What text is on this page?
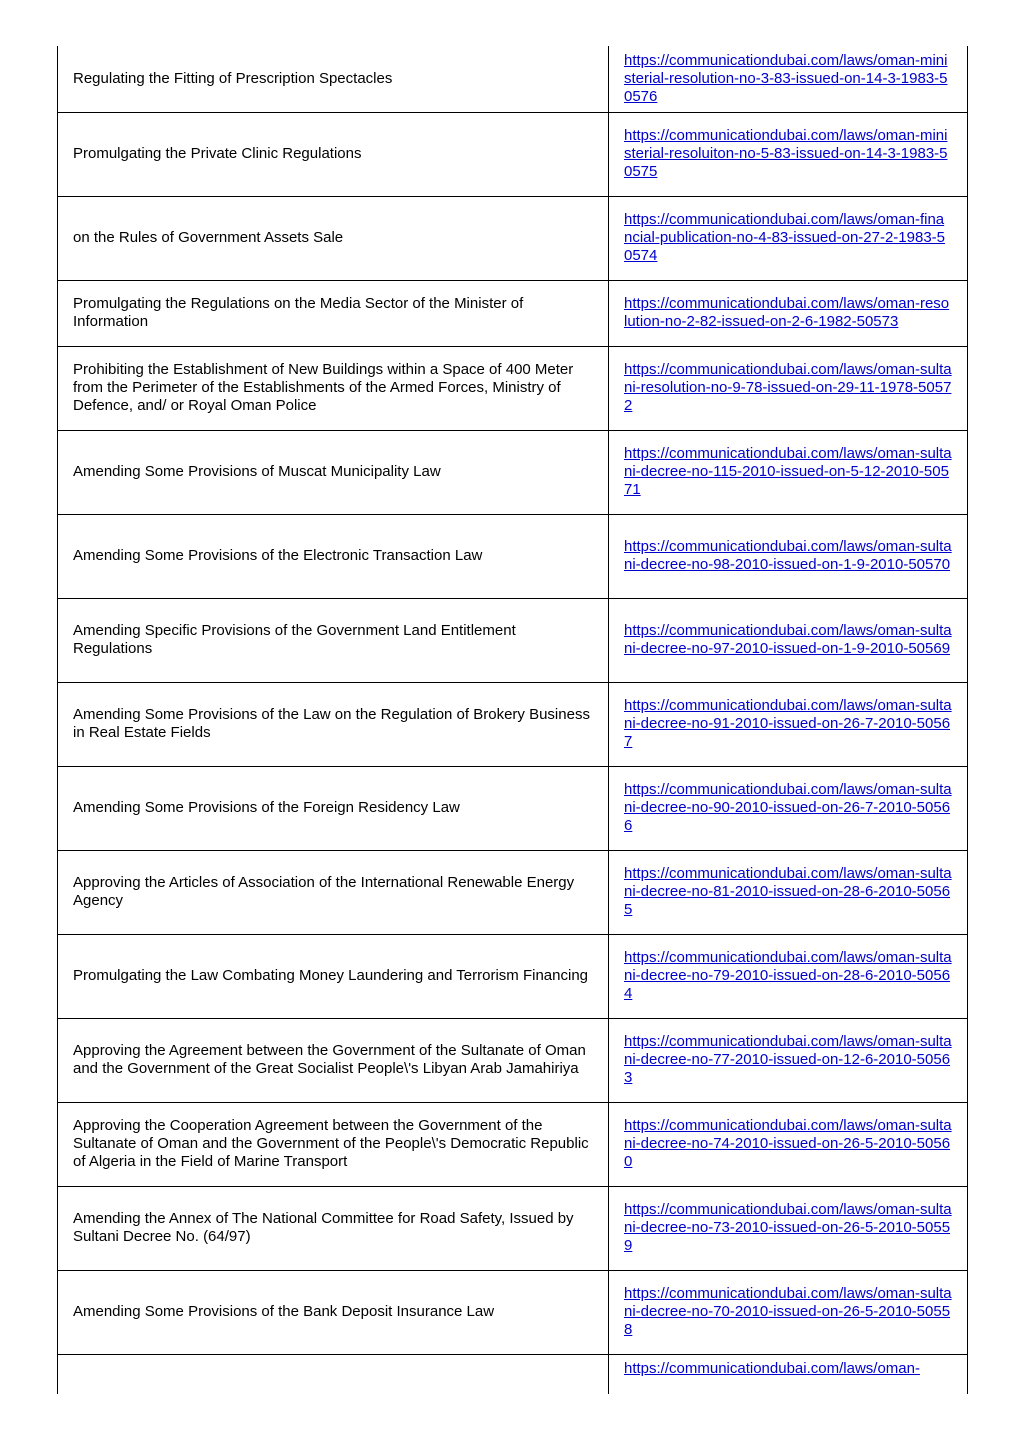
Regulating the Fitting of Prescription Spectacles	https://communicationdubai.com/laws/oman-ministerial-resolution-no-3-83-issued-on-14-3-1983-50576
Promulgating the Private Clinic Regulations	https://communicationdubai.com/laws/oman-ministerial-resoluiton-no-5-83-issued-on-14-3-1983-50575
on the Rules of Government Assets Sale	https://communicationdubai.com/laws/oman-financial-publication-no-4-83-issued-on-27-2-1983-50574
Promulgating the Regulations on the Media Sector of the Minister of Information	https://communicationdubai.com/laws/oman-resolution-no-2-82-issued-on-2-6-1982-50573
Prohibiting the Establishment of New Buildings within a Space of 400 Meter from the Perimeter of the Establishments of the Armed Forces, Ministry of Defence, and/ or Royal Oman Police	https://communicationdubai.com/laws/oman-sultani-resolution-no-9-78-issued-on-29-11-1978-50572
Amending Some Provisions of Muscat Municipality Law	https://communicationdubai.com/laws/oman-sultani-decree-no-115-2010-issued-on-5-12-2010-50571
Amending Some Provisions of the Electronic Transaction Law	https://communicationdubai.com/laws/oman-sultani-decree-no-98-2010-issued-on-1-9-2010-50570
Amending Specific Provisions of the Government Land Entitlement Regulations	https://communicationdubai.com/laws/oman-sultani-decree-no-97-2010-issued-on-1-9-2010-50569
Amending Some Provisions of the Law on the Regulation of Brokery Business in Real Estate Fields	https://communicationdubai.com/laws/oman-sultani-decree-no-91-2010-issued-on-26-7-2010-50567
Amending Some Provisions of the Foreign Residency Law	https://communicationdubai.com/laws/oman-sultani-decree-no-90-2010-issued-on-26-7-2010-50566
Approving the Articles of Association of the International Renewable Energy Agency	https://communicationdubai.com/laws/oman-sultani-decree-no-81-2010-issued-on-28-6-2010-50565
Promulgating the Law Combating Money Laundering and Terrorism Financing	https://communicationdubai.com/laws/oman-sultani-decree-no-79-2010-issued-on-28-6-2010-50564
Approving the Agreement between the Government of the Sultanate of Oman and the Government of the Great Socialist People\'s Libyan Arab Jamahiriya	https://communicationdubai.com/laws/oman-sultani-decree-no-77-2010-issued-on-12-6-2010-50563
Approving the Cooperation Agreement between the Government of the Sultanate of Oman and the Government of the People\'s Democratic Republic of Algeria in the Field of Marine Transport	https://communicationdubai.com/laws/oman-sultani-decree-no-74-2010-issued-on-26-5-2010-50560
Amending the Annex of The National Committee for Road Safety, Issued by Sultani Decree No. (64/97)	https://communicationdubai.com/laws/oman-sultani-decree-no-73-2010-issued-on-26-5-2010-50559
Amending Some Provisions of the Bank Deposit Insurance Law	https://communicationdubai.com/laws/oman-sultani-decree-no-70-2010-issued-on-26-5-2010-50558
	https://communicationdubai.com/laws/oman-
